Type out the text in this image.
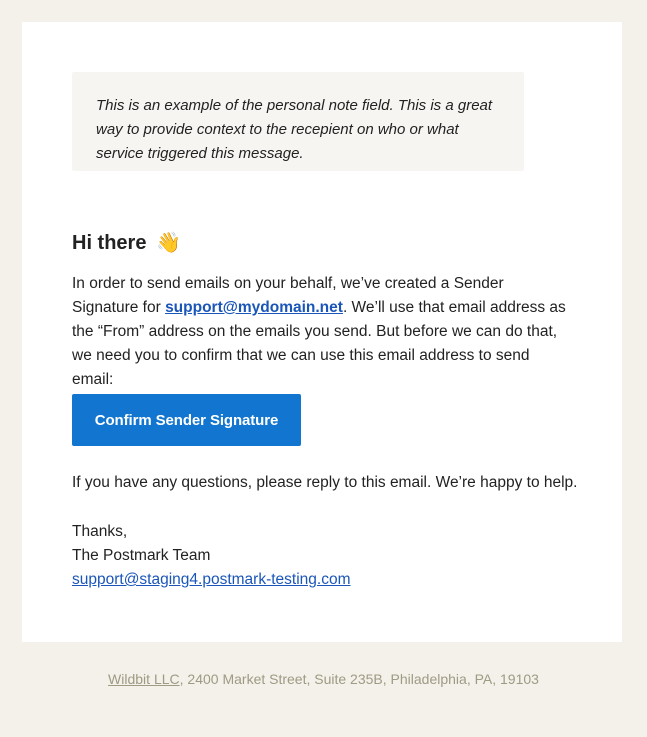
This is an example of the personal note field. This is a great way to provide context to the recepient on who or what service triggered this message.
Hi there 👋
In order to send emails on your behalf, we’ve created a Sender Signature for support@mydomain.net. We’ll use that email address as the “From” address on the emails you send. But before we can do that, we need you to confirm that we can use this email address to send email:
Confirm Sender Signature
If you have any questions, please reply to this email. We’re happy to help.
Thanks,
The Postmark Team
support@staging4.postmark-testing.com
Wildbit LLC, 2400 Market Street, Suite 235B, Philadelphia, PA, 19103
